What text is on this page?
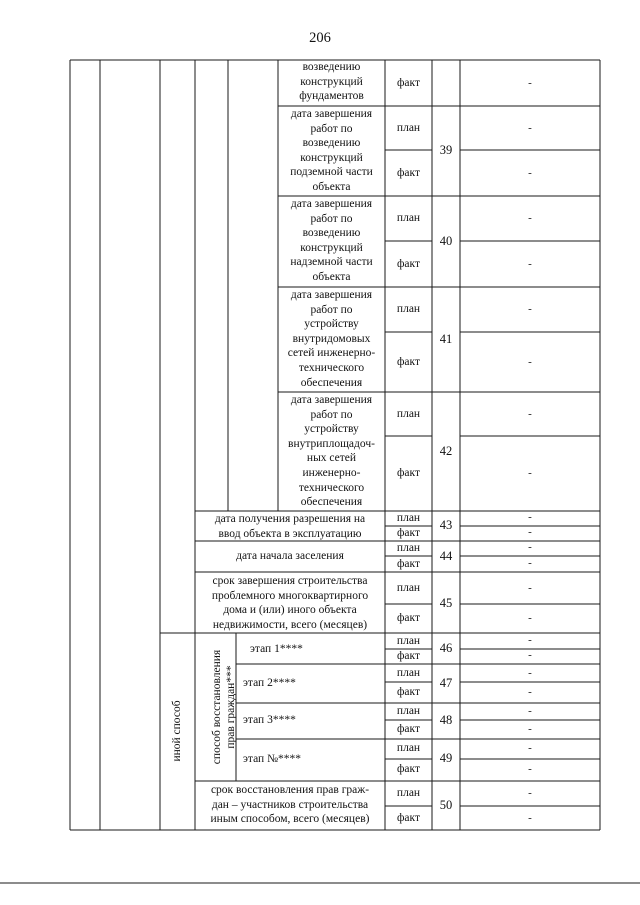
206
возведению
конструкций
фундаментов
факт	-
дата завершения
работ по
возведению
конструкций
подземной части
объекта
план
факт
39
-
-
дата завершения
работ по
возведению
конструкций
надземной части
объекта
план
факт
40
-
-
дата завершения
работ по
устройству
внутридомовых
сетей инженерно-
технического
обеспечения
план
факт
41
-
-
дата завершения
работ по
устройству
внутриплощадоч-
ных сетей
инженерно-
технического
обеспечения
план
факт
42
-
-
дата получения разрешения на
ввод объекта в эксплуатацию
план
факт
43
-
-
дата начала заселения
план
факт
44
-
-
срок завершения строительства
проблемного многоквартирного
дома и (или) иного объекта
недвижимости, всего (месяцев)
план
факт
45
-
-
иной способ способ восстановления
прав граждан***
этап 1****
план
факт
46
-
-
этап 2****
план
факт
47
-
-
этап 3****
план
факт
48
-
-
этап №****
план
факт
49
-
-
срок восстановления прав граж-
дан – участников строительства
иным способом, всего (месяцев)
план
факт
50
-
-
